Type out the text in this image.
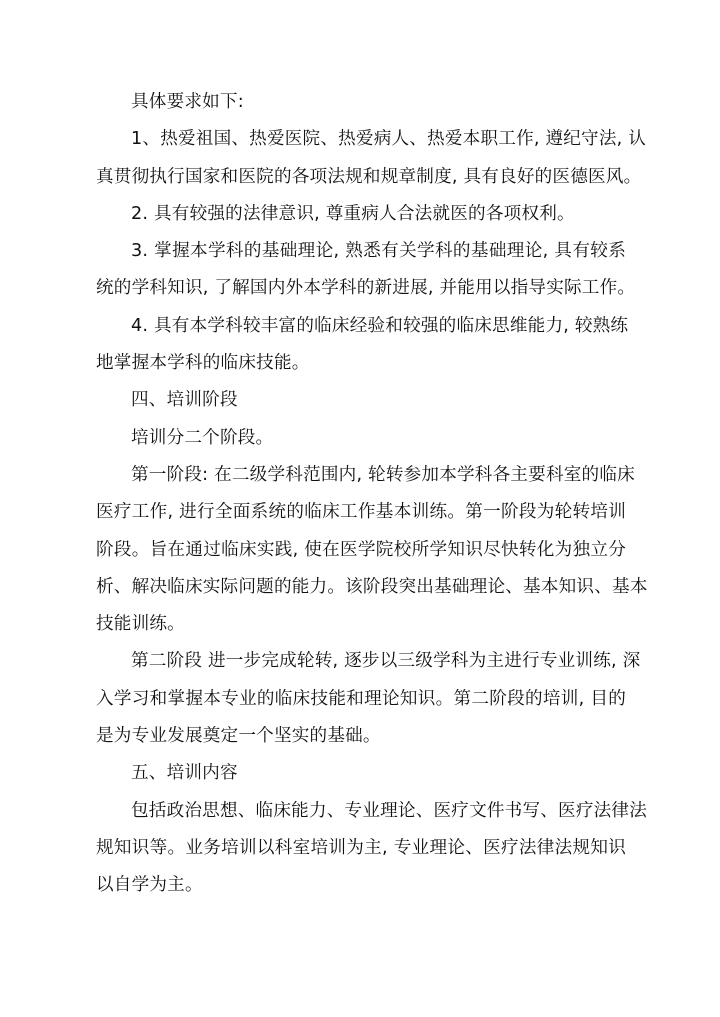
具体要求如下:
1、热爱祖国、热爱医院、热爱病人、热爱本职工作, 遵纪守法, 认
真贯彻执行国家和医院的各项法规和规章制度, 具有良好的医德医风。
2. 具有较强的法律意识, 尊重病人合法就医的各项权利。
3. 掌握本学科的基础理论, 熟悉有关学科的基础理论, 具有较系
统的学科知识, 了解国内外本学科的新进展, 并能用以指导实际工作。
4. 具有本学科较丰富的临床经验和较强的临床思维能力, 较熟练
地掌握本学科的临床技能。
四、培训阶段
培训分二个阶段。
第一阶段: 在二级学科范围内, 轮转参加本学科各主要科室的临床
医疗工作, 进行全面系统的临床工作基本训练。第一阶段为轮转培训
阶段。旨在通过临床实践, 使在医学院校所学知识尽快转化为独立分
析、解决临床实际问题的能力。该阶段突出基础理论、基本知识、基本
技能训练。
第二阶段 进一步完成轮转, 逐步以三级学科为主进行专业训练, 深
入学习和掌握本专业的临床技能和理论知识。第二阶段的培训, 目的
是为专业发展奠定一个坚实的基础。
五、培训内容
包括政治思想、临床能力、专业理论、医疗文件书写、医疗法律法
规知识等。业务培训以科室培训为主, 专业理论、医疗法律法规知识
以自学为主。
